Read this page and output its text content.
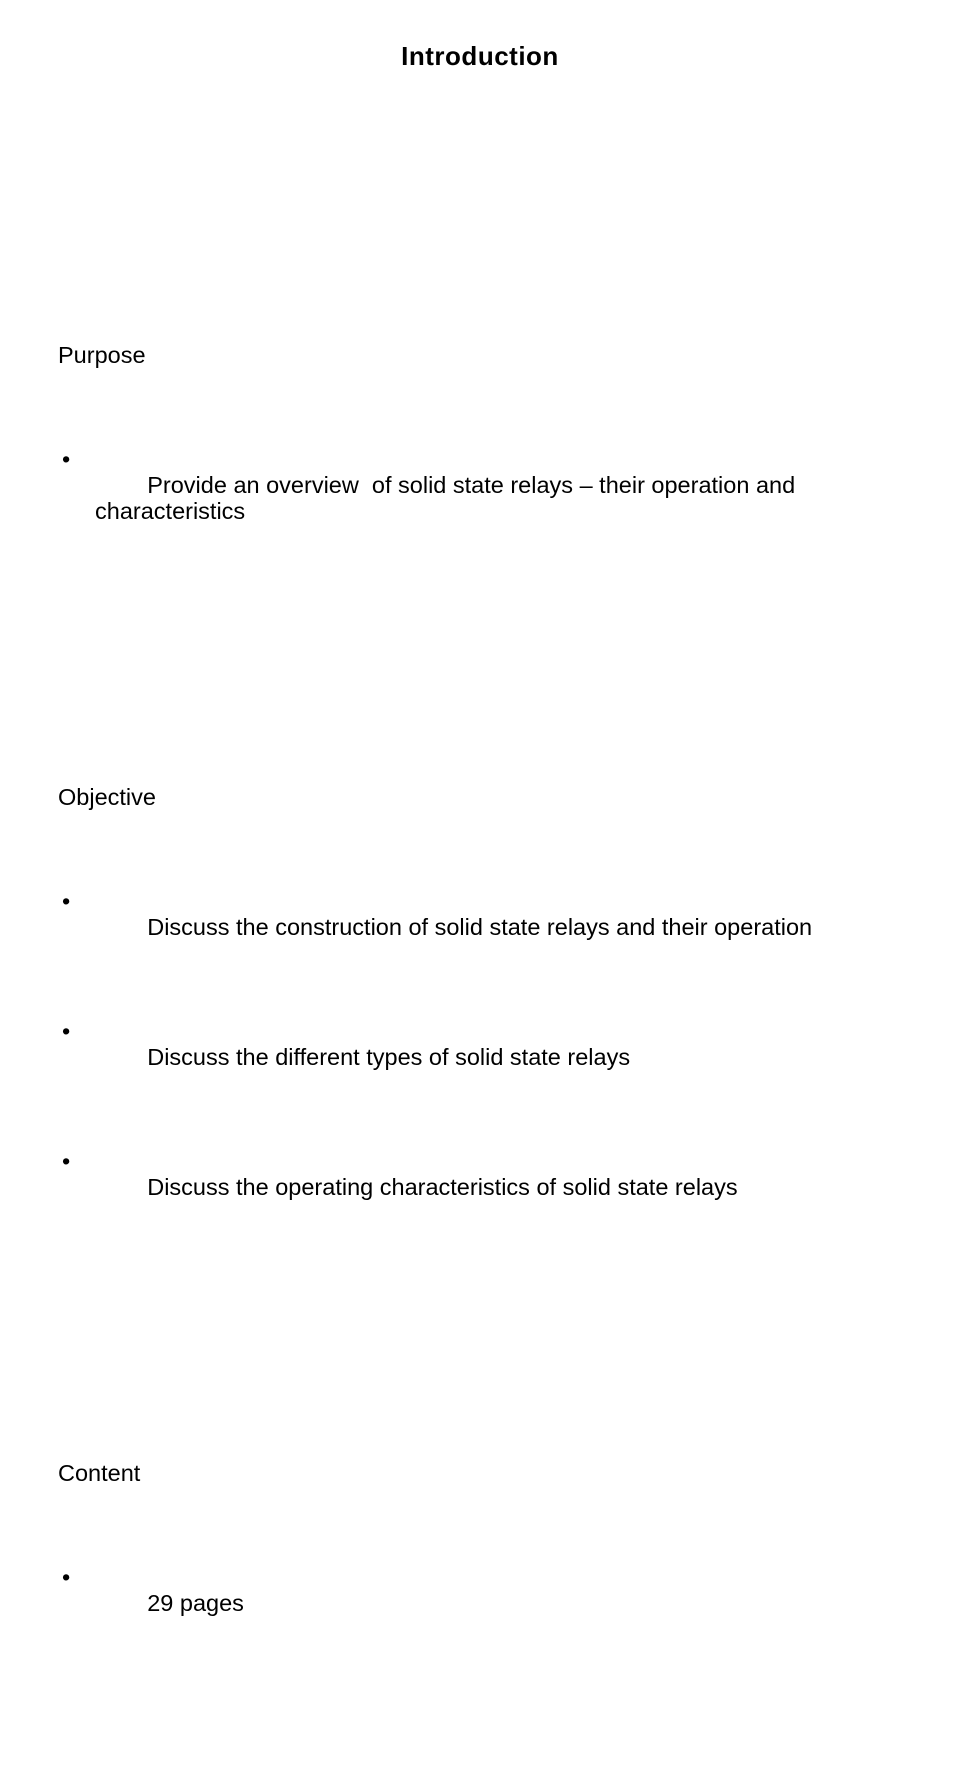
Introduction

Purpose

•
Provide an overview  of solid state relays – their operation and characteristics

Objective

•
Discuss the construction of solid state relays and their operation

•
Discuss the different types of solid state relays

•
Discuss the operating characteristics of solid state relays

Content

•
29 pages
